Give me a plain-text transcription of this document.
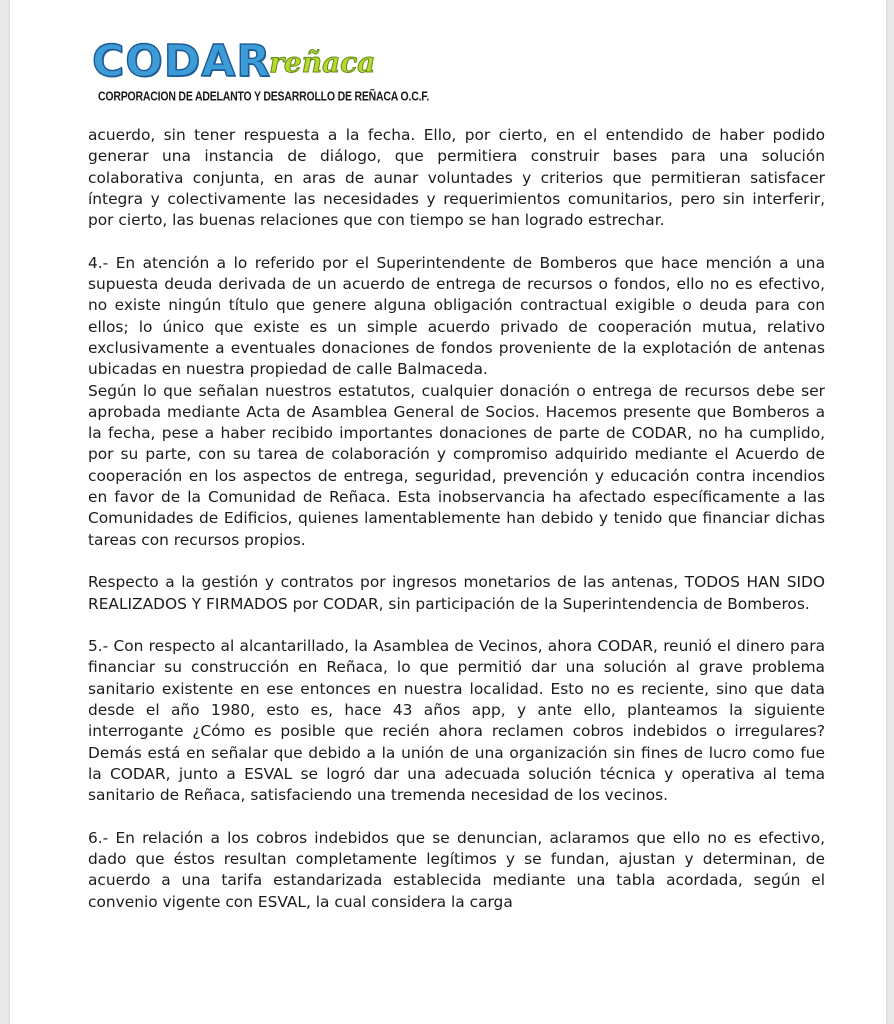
CODARreñaca
CORPORACION DE ADELANTO Y DESARROLLO DE REÑACA O.C.F.

acuerdo, sin tener respuesta a la fecha. Ello, por cierto, en el entendido de haber podido generar una instancia de diálogo, que permitiera construir bases para una solución colaborativa conjunta, en aras de aunar voluntades y criterios que permitieran satisfacer íntegra y colectivamente las necesidades y requerimientos comunitarios, pero sin interferir, por cierto, las buenas relaciones que con tiempo se han logrado estrechar.

4.- En atención a lo referido por el Superintendente de Bomberos que hace mención a una supuesta deuda derivada de un acuerdo de entrega de recursos o fondos, ello no es efectivo, no existe ningún título que genere alguna obligación contractual exigible o deuda para con ellos; lo único que existe es un simple acuerdo privado de cooperación mutua, relativo exclusivamente a eventuales donaciones de fondos proveniente de la explotación de antenas ubicadas en nuestra propiedad de calle Balmaceda.

Según lo que señalan nuestros estatutos, cualquier donación o entrega de recursos debe ser aprobada mediante Acta de Asamblea General de Socios. Hacemos presente que Bomberos a la fecha, pese a haber recibido importantes donaciones de parte de CODAR, no ha cumplido, por su parte, con su tarea de colaboración y compromiso adquirido mediante el Acuerdo de cooperación en los aspectos de entrega, seguridad, prevención y educación contra incendios en favor de la Comunidad de Reñaca. Esta inobservancia ha afectado específicamente a las Comunidades de Edificios, quienes lamentablemente han debido y tenido que financiar dichas tareas con recursos propios.

Respecto a la gestión y contratos por ingresos monetarios de las antenas, TODOS HAN SIDO REALIZADOS Y FIRMADOS por CODAR, sin participación de la Superintendencia de Bomberos.

5.- Con respecto al alcantarillado, la Asamblea de Vecinos, ahora CODAR, reunió el dinero para financiar su construcción en Reñaca, lo que permitió dar una solución al grave problema sanitario existente en ese entonces en nuestra localidad. Esto no es reciente, sino que data desde el año 1980, esto es, hace 43 años app, y ante ello, planteamos la siguiente interrogante ¿Cómo es posible que recién ahora reclamen cobros indebidos o irregulares? Demás está en señalar que debido a la unión de una organización sin fines de lucro como fue la CODAR, junto a ESVAL se logró dar una adecuada solución técnica y operativa al tema sanitario de Reñaca, satisfaciendo una tremenda necesidad de los vecinos.

6.- En relación a los cobros indebidos que se denuncian, aclaramos que ello no es efectivo, dado que éstos resultan completamente legítimos y se fundan, ajustan y determinan, de acuerdo a una tarifa estandarizada establecida mediante una tabla acordada, según el convenio vigente con ESVAL, la cual considera la carga
